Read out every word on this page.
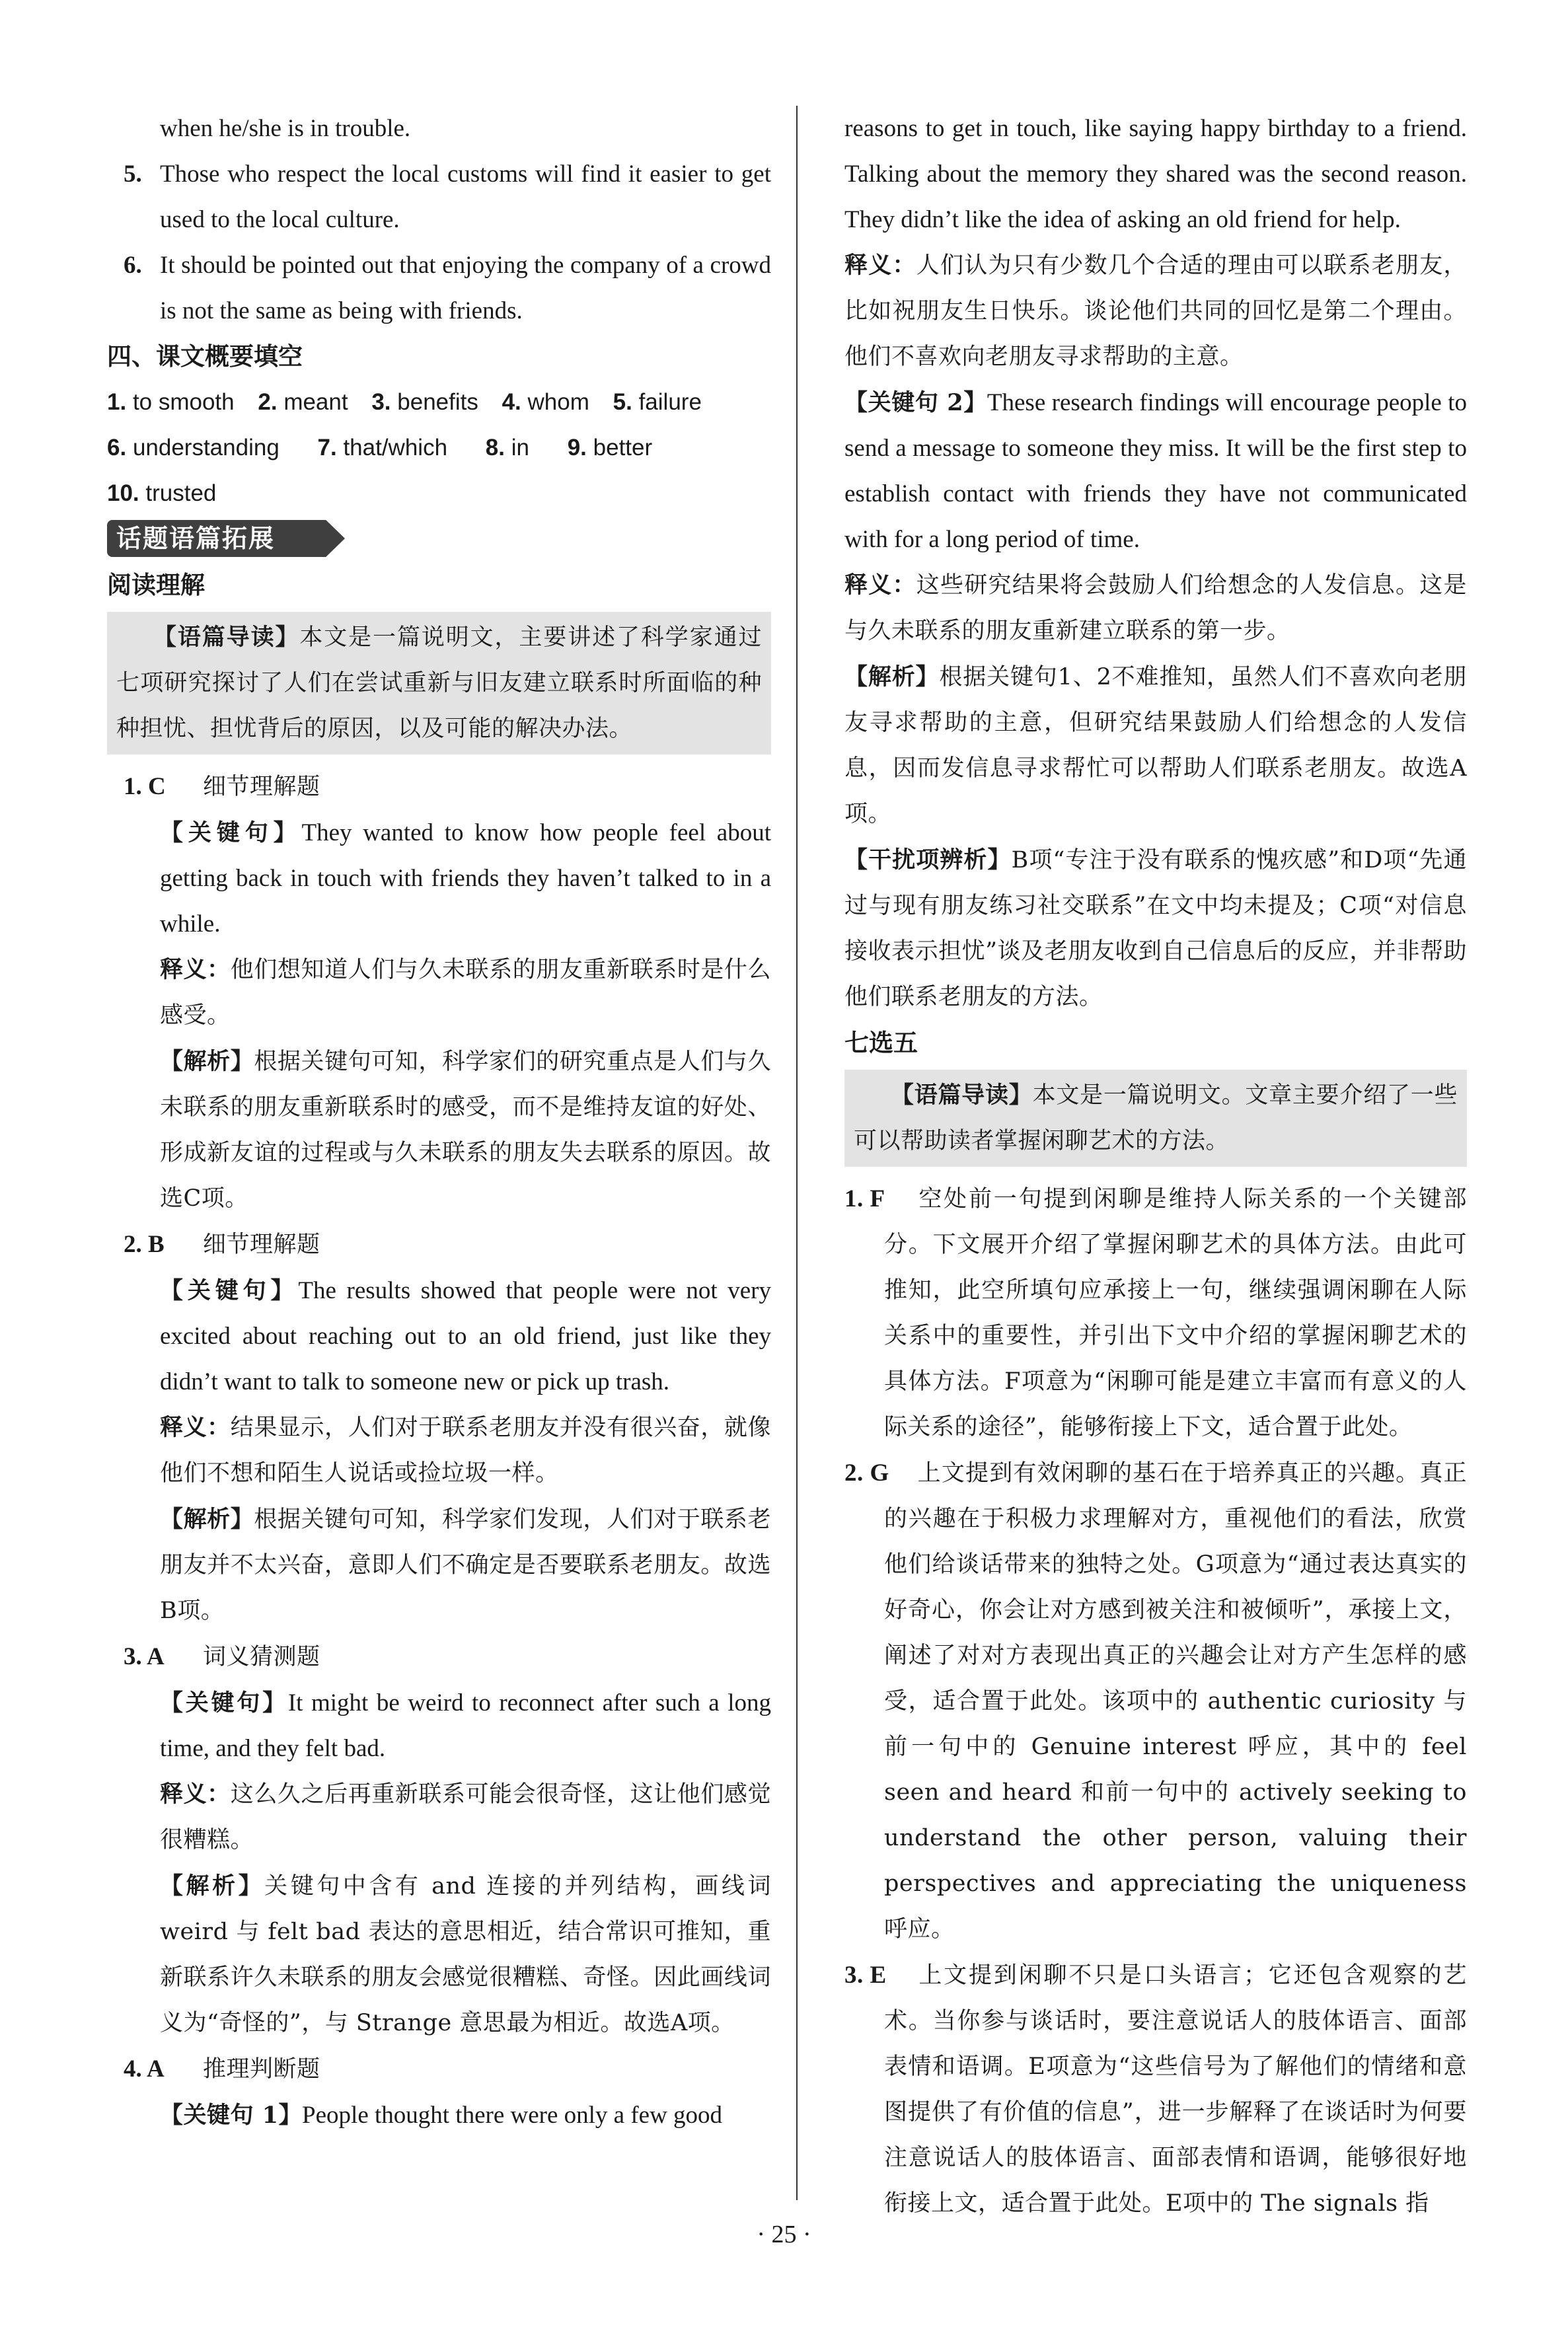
when he/she is in trouble.

5. Those who respect the local customs will find it easier to get used to the local culture.

6. It should be pointed out that enjoying the company of a crowd is not the same as being with friends.

四、课文概要填空

1. to smooth 2. meant 3. benefits 4. whom 5. failure
6. understanding 7. that/which 8. in 9. better
10. trusted
话题语篇拓展

阅读理解

【语篇导读】本文是一篇说明文，主要讲述了科学家通过七项研究探讨了人们在尝试重新与旧友建立联系时所面临的种种担忧、担忧背后的原因，以及可能的解决办法。

1. C 细节理解题

【关键句】They wanted to know how people feel about getting back in touch with friends they haven’t talked to in a while.

释义：他们想知道人们与久未联系的朋友重新联系时是什么感受。

【解析】根据关键句可知，科学家们的研究重点是人们与久未联系的朋友重新联系时的感受，而不是维持友谊的好处、形成新友谊的过程或与久未联系的朋友失去联系的原因。故选C项。

2. B 细节理解题

【关键句】The results showed that people were not very excited about reaching out to an old friend, just like they didn’t want to talk to someone new or pick up trash.

释义：结果显示，人们对于联系老朋友并没有很兴奋，就像他们不想和陌生人说话或捡垃圾一样。

【解析】根据关键句可知，科学家们发现，人们对于联系老朋友并不太兴奋，意即人们不确定是否要联系老朋友。故选B项。

3. A 词义猜测题

【关键句】It might be weird to reconnect after such a long time, and they felt bad.

释义：这么久之后再重新联系可能会很奇怪，这让他们感觉很糟糕。

【解析】关键句中含有 and 连接的并列结构，画线词 weird 与 felt bad 表达的意思相近，结合常识可推知，重新联系许久未联系的朋友会感觉很糟糕、奇怪。因此画线词义为“奇怪的”，与 Strange 意思最为相近。故选A项。

4. A 推理判断题

【关键句 1】People thought there were only a few good

reasons to get in touch, like saying happy birthday to a friend. Talking about the memory they shared was the second reason. They didn’t like the idea of asking an old friend for help.

释义：人们认为只有少数几个合适的理由可以联系老朋友，比如祝朋友生日快乐。谈论他们共同的回忆是第二个理由。他们不喜欢向老朋友寻求帮助的主意。

【关键句 2】These research findings will encourage people to send a message to someone they miss. It will be the first step to establish contact with friends they have not communicated with for a long period of time.

释义：这些研究结果将会鼓励人们给想念的人发信息。这是与久未联系的朋友重新建立联系的第一步。

【解析】根据关键句1、2不难推知，虽然人们不喜欢向老朋友寻求帮助的主意，但研究结果鼓励人们给想念的人发信息，因而发信息寻求帮忙可以帮助人们联系老朋友。故选A项。

【干扰项辨析】B项“专注于没有联系的愧疚感”和D项“先通过与现有朋友练习社交联系”在文中均未提及；C项“对信息接收表示担忧”谈及老朋友收到自己信息后的反应，并非帮助他们联系老朋友的方法。

七选五

【语篇导读】本文是一篇说明文。文章主要介绍了一些可以帮助读者掌握闲聊艺术的方法。

1. F 空处前一句提到闲聊是维持人际关系的一个关键部分。下文展开介绍了掌握闲聊艺术的具体方法。由此可推知，此空所填句应承接上一句，继续强调闲聊在人际关系中的重要性，并引出下文中介绍的掌握闲聊艺术的具体方法。F项意为“闲聊可能是建立丰富而有意义的人际关系的途径”，能够衔接上下文，适合置于此处。

2. G 上文提到有效闲聊的基石在于培养真正的兴趣。真正的兴趣在于积极力求理解对方，重视他们的看法，欣赏他们给谈话带来的独特之处。G项意为“通过表达真实的好奇心，你会让对方感到被关注和被倾听”，承接上文，阐述了对对方表现出真正的兴趣会让对方产生怎样的感受，适合置于此处。该项中的 authentic curiosity 与前一句中的 Genuine interest 呼应，其中的 feel seen and heard 和前一句中的 actively seeking to understand the other person, valuing their perspectives and appreciating the uniqueness 呼应。

3. E 上文提到闲聊不只是口头语言；它还包含观察的艺术。当你参与谈话时，要注意说话人的肢体语言、面部表情和语调。E项意为“这些信号为了解他们的情绪和意图提供了有价值的信息”，进一步解释了在谈话时为何要注意说话人的肢体语言、面部表情和语调，能够很好地衔接上文，适合置于此处。E项中的 The signals 指

· 25 ·
